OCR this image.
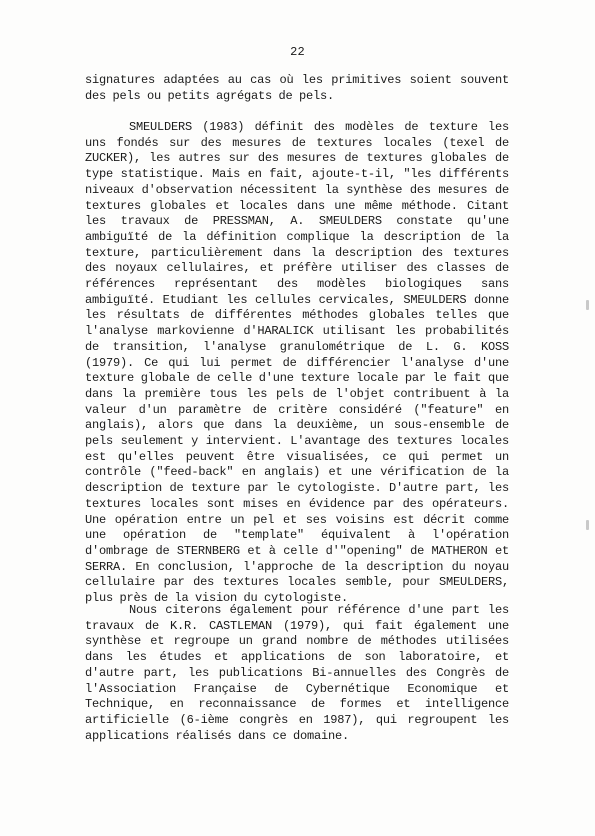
22
signatures adaptées au cas où les primitives soient souvent des pels ou petits agrégats de pels.
SMEULDERS (1983) définit des modèles de texture les uns fondés sur des mesures de textures locales (texel de ZUCKER), les autres sur des mesures de textures globales de type statistique. Mais en fait, ajoute-t-il, "les différents niveaux d'observation nécessitent la synthèse des mesures de textures globales et locales dans une même méthode. Citant les travaux de PRESSMAN, A. SMEULDERS constate qu'une ambiguïté de la définition complique la description de la texture, particulièrement dans la description des textures des noyaux cellulaires, et préfère utiliser des classes de références représentant des modèles biologiques sans ambiguïté. Etudiant les cellules cervicales, SMEULDERS donne les résultats de différentes méthodes globales telles que l'analyse markovienne d'HARALICK utilisant les probabilités de transition, l'analyse granulométrique de L. G. KOSS (1979). Ce qui lui permet de différencier l'analyse d'une texture globale de celle d'une texture locale par le fait que dans la première tous les pels de l'objet contribuent à la valeur d'un paramètre de critère considéré ("feature" en anglais), alors que dans la deuxième, un sous-ensemble de pels seulement y intervient. L'avantage des textures locales est qu'elles peuvent être visualisées, ce qui permet un contrôle ("feed-back" en anglais) et une vérification de la description de texture par le cytologiste. D'autre part, les textures locales sont mises en évidence par des opérateurs. Une opération entre un pel et ses voisins est décrit comme une opération de "template" équivalent à l'opération d'ombrage de STERNBERG et à celle d'"opening" de MATHERON et SERRA. En conclusion, l'approche de la description du noyau cellulaire par des textures locales semble, pour SMEULDERS, plus près de la vision du cytologiste.
Nous citerons également pour référence d'une part les travaux de K.R. CASTLEMAN (1979), qui fait également une synthèse et regroupe un grand nombre de méthodes utilisées dans les études et applications de son laboratoire, et d'autre part, les publications Bi-annuelles des Congrès de l'Association Française de Cybernétique Economique et Technique, en reconnaissance de formes et intelligence artificielle (6-ième congrès en 1987), qui regroupent les applications réalisés dans ce domaine.
